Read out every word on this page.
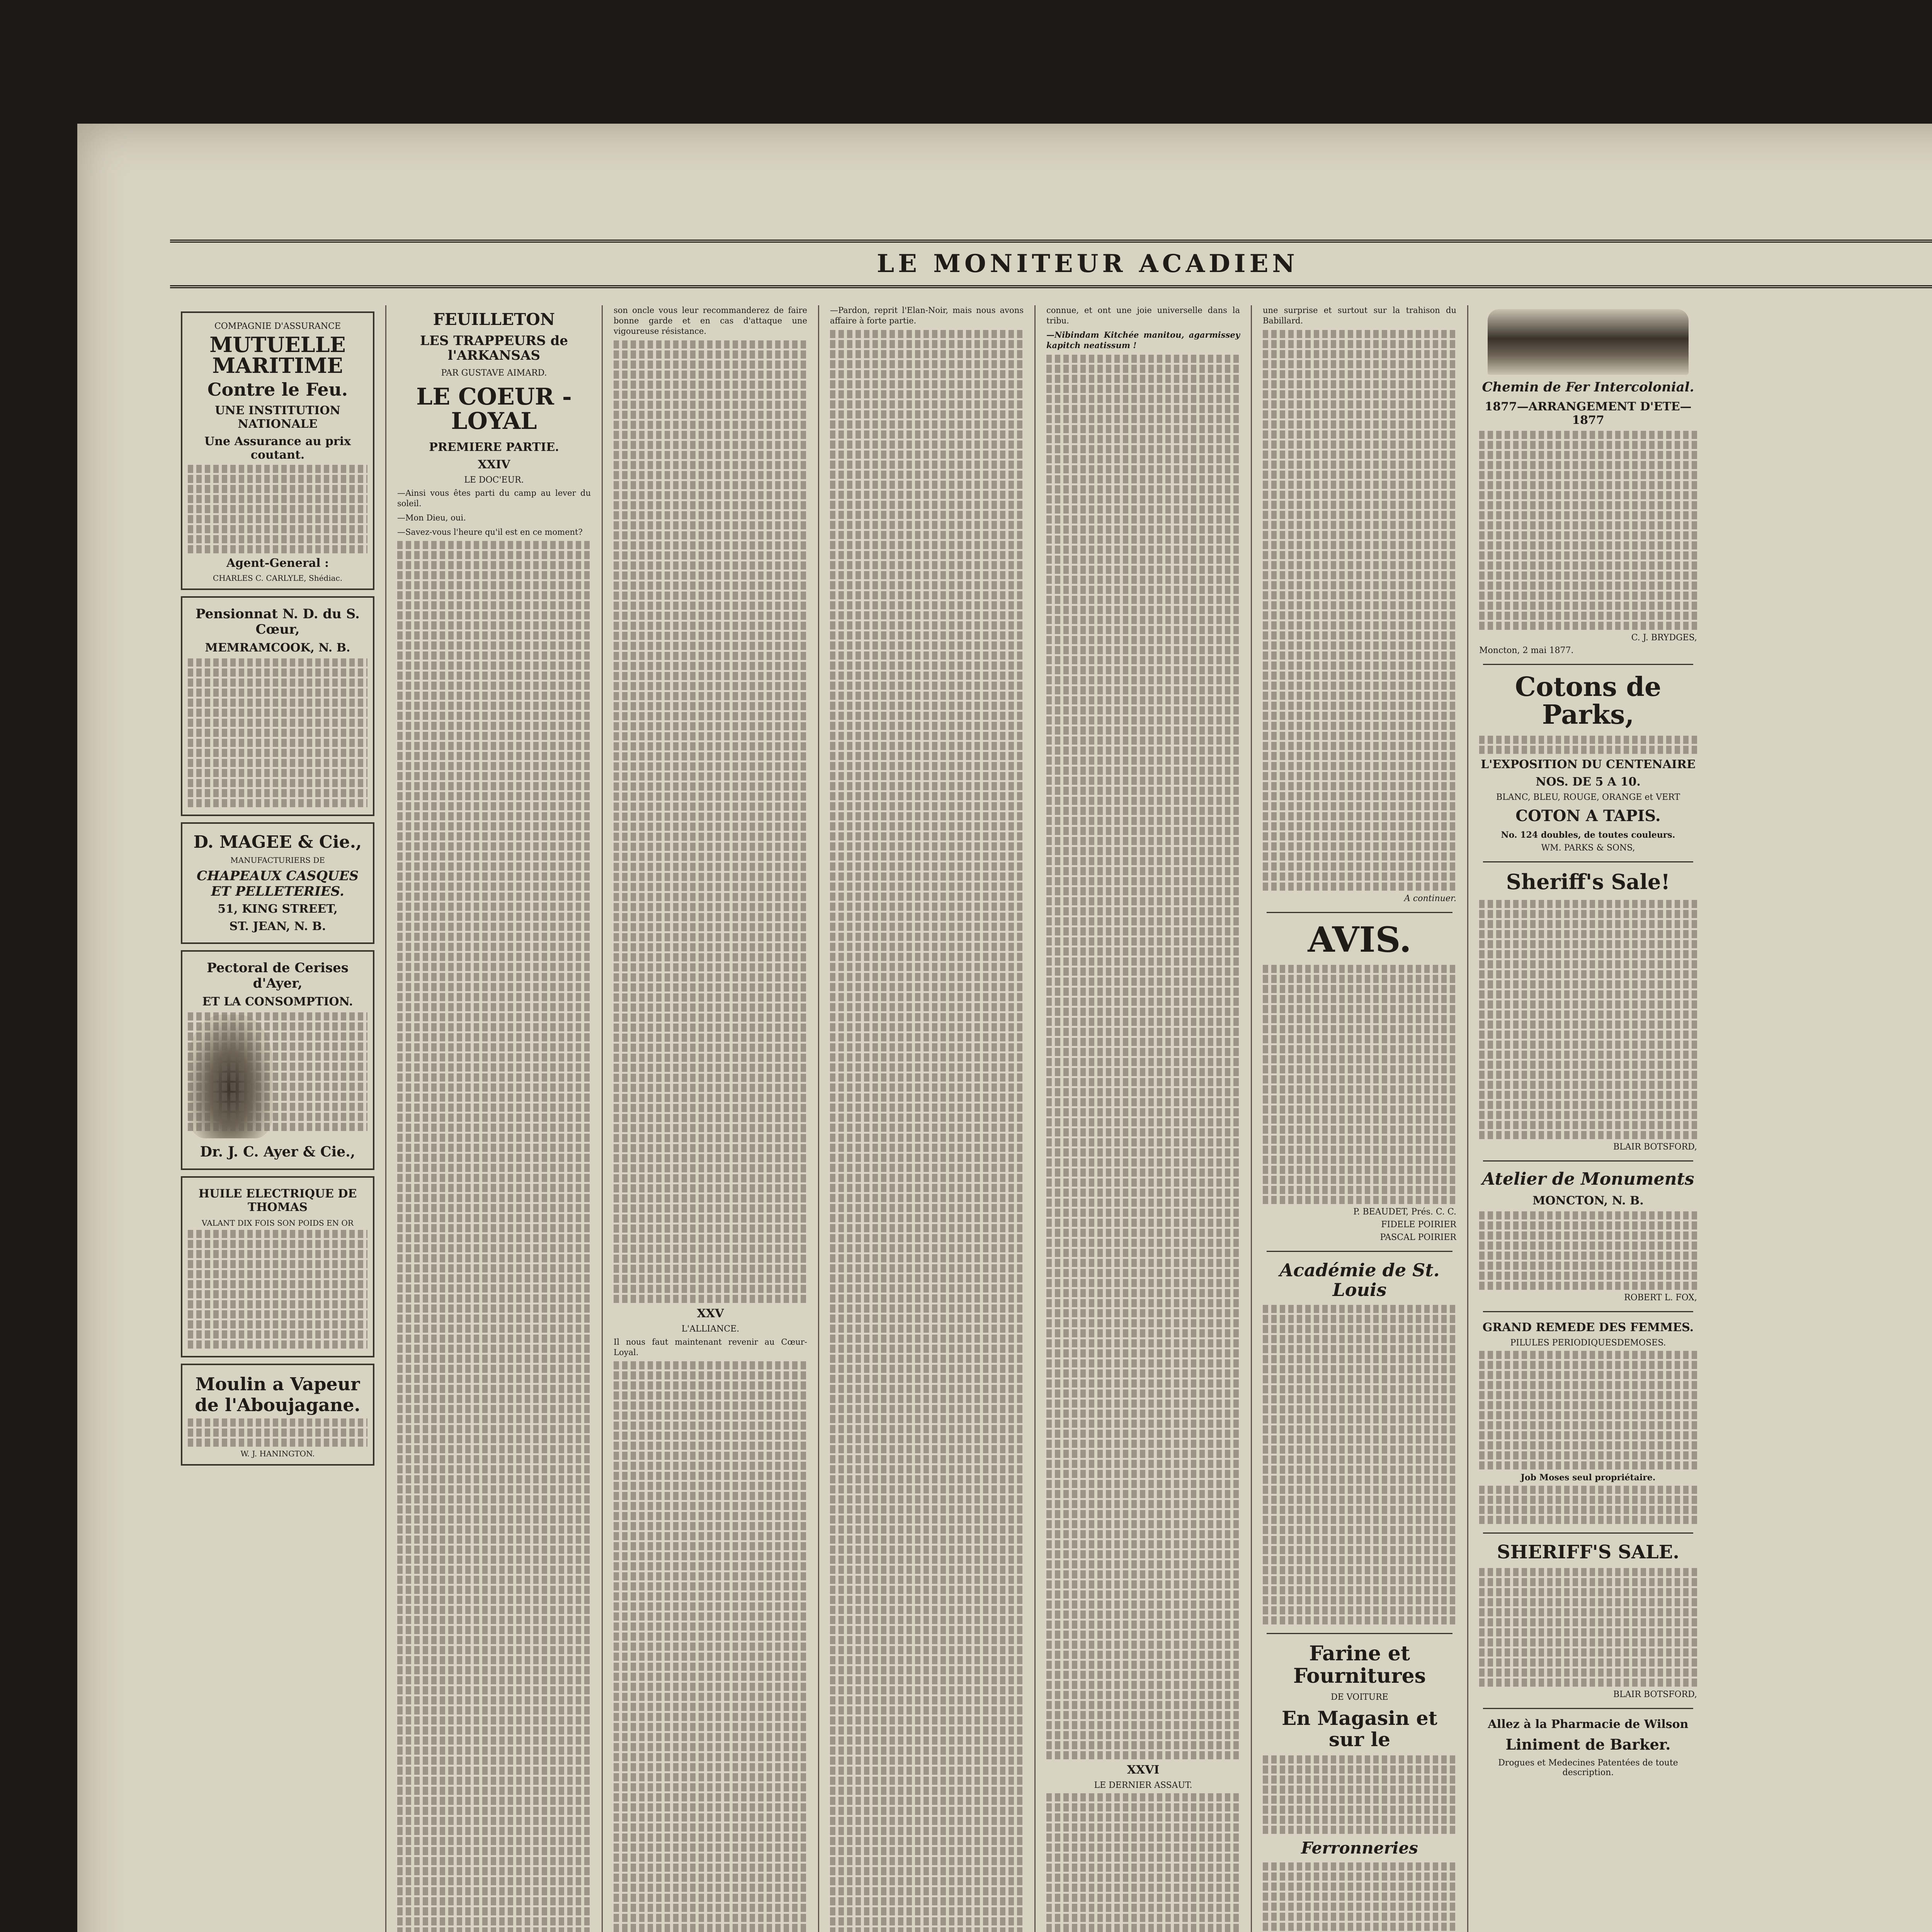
LE MONITEUR ACADIEN
COMPAGNIE D'ASSURANCE
MUTUELLE MARITIME
Contre le Feu.
UNE INSTITUTION NATIONALE
Une Assurance au prix coutant.
Agent-General :
CHARLES C. CARLYLE, Shédiac.
Pensionnat N. D. du S. Cœur,
MEMRAMCOOK, N. B.
D. MAGEE & Cie.,
MANUFACTURIERS DE
CHAPEAUX CASQUES ET PELLETERIES.
51, KING STREET,
ST. JEAN, N. B.
Pectoral de Cerises d'Ayer,
ET LA CONSOMPTION.
Dr. J. C. Ayer & Cie.,
HUILE ELECTRIQUE DE THOMAS
VALANT DIX FOIS SON POIDS EN OR
Moulin a Vapeur de l'Aboujagane.
W. J. HANINGTON.
FEUILLETON
LES TRAPPEURS de l'ARKANSAS
PAR GUSTAVE AIMARD.
LE COEUR - LOYAL
PREMIERE PARTIE.
XXIV
LE DOC'EUR.

—Ainsi vous êtes parti du camp au lever du soleil.

—Mon Dieu, oui.

—Savez-vous l'heure qu'il est en ce moment?

son oncle vous leur recommanderez de faire bonne garde et en cas d'attaque une vigoureuse résistance.

XXV
L'ALLIANCE.

Il nous faut maintenant revenir au Cœur-Loyal.

—Pardon, reprit l'Elan-Noir, mais nous avons affaire à forte partie.

connue, et ont une joie universelle dans la tribu.

—Nibindam Kitchée manitou, agarmissey kapitch neatissum !

XXVI
LE DERNIER ASSAUT.

une surprise et surtout sur la trahison du Babillard.

A continuer.
AVIS.
P. BEAUDET, Prés. C. C.
FIDELE POIRIER
PASCAL POIRIER
Académie de St. Louis
Farine et Fournitures
DE VOITURE
En Magasin et sur le
Ferronneries
Chemin de Fer Intercolonial.
1877—ARRANGEMENT D'ETE—1877
C. J. BRYDGES,
Moncton, 2 mai 1877.
Cotons de Parks,
L'EXPOSITION DU CENTENAIRE
NOS. DE 5 A 10.
BLANC, BLEU, ROUGE, ORANGE et VERT
COTON A TAPIS.
No. 124 doubles, de toutes couleurs.
WM. PARKS & SONS,
Sheriff's Sale!
BLAIR BOTSFORD,
Atelier de Monuments
MONCTON, N. B.
ROBERT L. FOX,
GRAND REMEDE DES FEMMES.
PILULES PERIODIQUESDEMOSES.
Job Moses seul propriétaire.
SHERIFF'S SALE.
BLAIR BOTSFORD,
Allez à la Pharmacie de Wilson
Liniment de Barker.
Drogues et Medecines Patentées de toute description.
